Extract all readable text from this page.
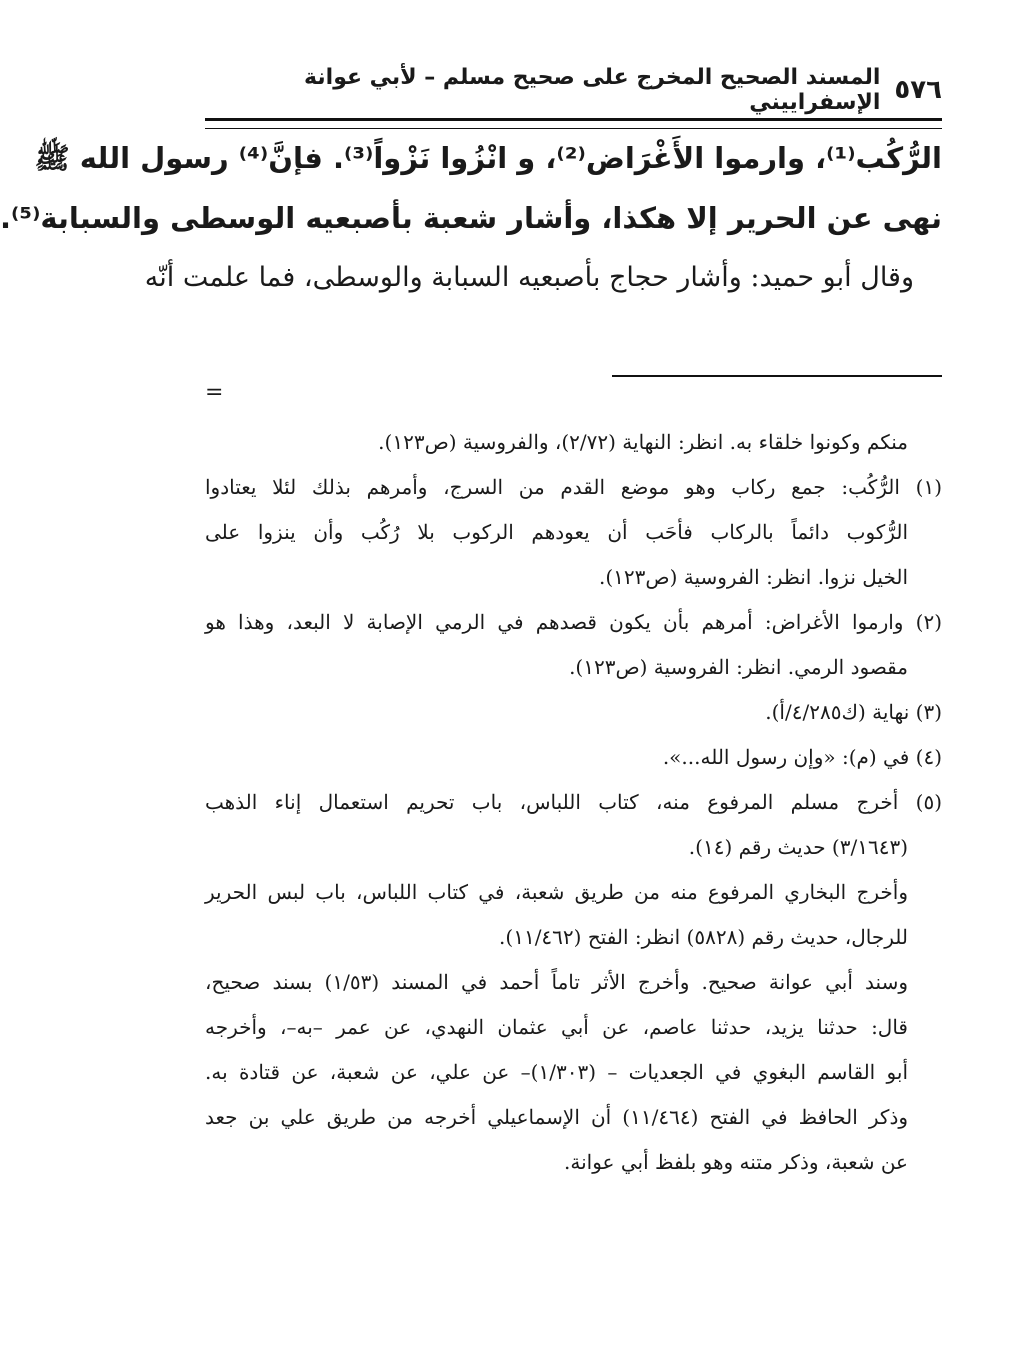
٥٧٦
المسند الصحيح المخرج على صحيح مسلم – لأبي عوانة الإسفراييني
الرُّكُب⁽¹⁾، وارموا الأَغْرَاض⁽²⁾، و انْزُوا نَزْواً⁽³⁾. فإنَّ⁽⁴⁾ رسول الله ﷺ
نهى عن الحرير إلا هكذا، وأشار شعبة بأصبعيه الوسطى والسبابة⁽⁵⁾.
وقال أبو حميد: وأشار حجاج بأصبعيه السبابة والوسطى، فما علمت أنّه
=
منكم وكونوا خلقاء به. انظر: النهاية (٢/٧٢)، والفروسية (ص١٢٣).
(١) الرُّكُب: جمع ركاب وهو موضع القدم من السرج، وأمرهم بذلك لئلا يعتادوا
الرُّكوب دائماً بالركاب فأحَب أن يعودهم الركوب بلا رُكُب وأن ينزوا على
الخيل نزوا. انظر: الفروسية (ص١٢٣).
(٢) وارموا الأغراض: أمرهم بأن يكون قصدهم في الرمي الإصابة لا البعد، وهذا هو
مقصود الرمي. انظر: الفروسية (ص١٢٣).
(٣) نهاية (ك٤/٢٨٥/أ).
(٤) في (م): «وإن رسول الله...».
(٥) أخرج مسلم المرفوع منه، كتاب اللباس، باب تحريم استعمال إناء الذهب
(٣/١٦٤٣) حديث رقم (١٤).
وأخرج البخاري المرفوع منه من طريق شعبة، في كتاب اللباس، باب لبس الحرير
للرجال، حديث رقم (٥٨٢٨) انظر: الفتح (١١/٤٦٢).
وسند أبي عوانة صحيح. وأخرج الأثر تاماً أحمد في المسند (١/٥٣) بسند صحيح،
قال: حدثنا يزيد، حدثنا عاصم، عن أبي عثمان النهدي، عن عمر –به–، وأخرجه
أبو القاسم البغوي في الجعديات – (١/٣٠٣)– عن علي، عن شعبة، عن قتادة به.
وذكر الحافظ في الفتح (١١/٤٦٤) أن الإسماعيلي أخرجه من طريق علي بن جعد
عن شعبة، وذكر متنه وهو بلفظ أبي عوانة.
